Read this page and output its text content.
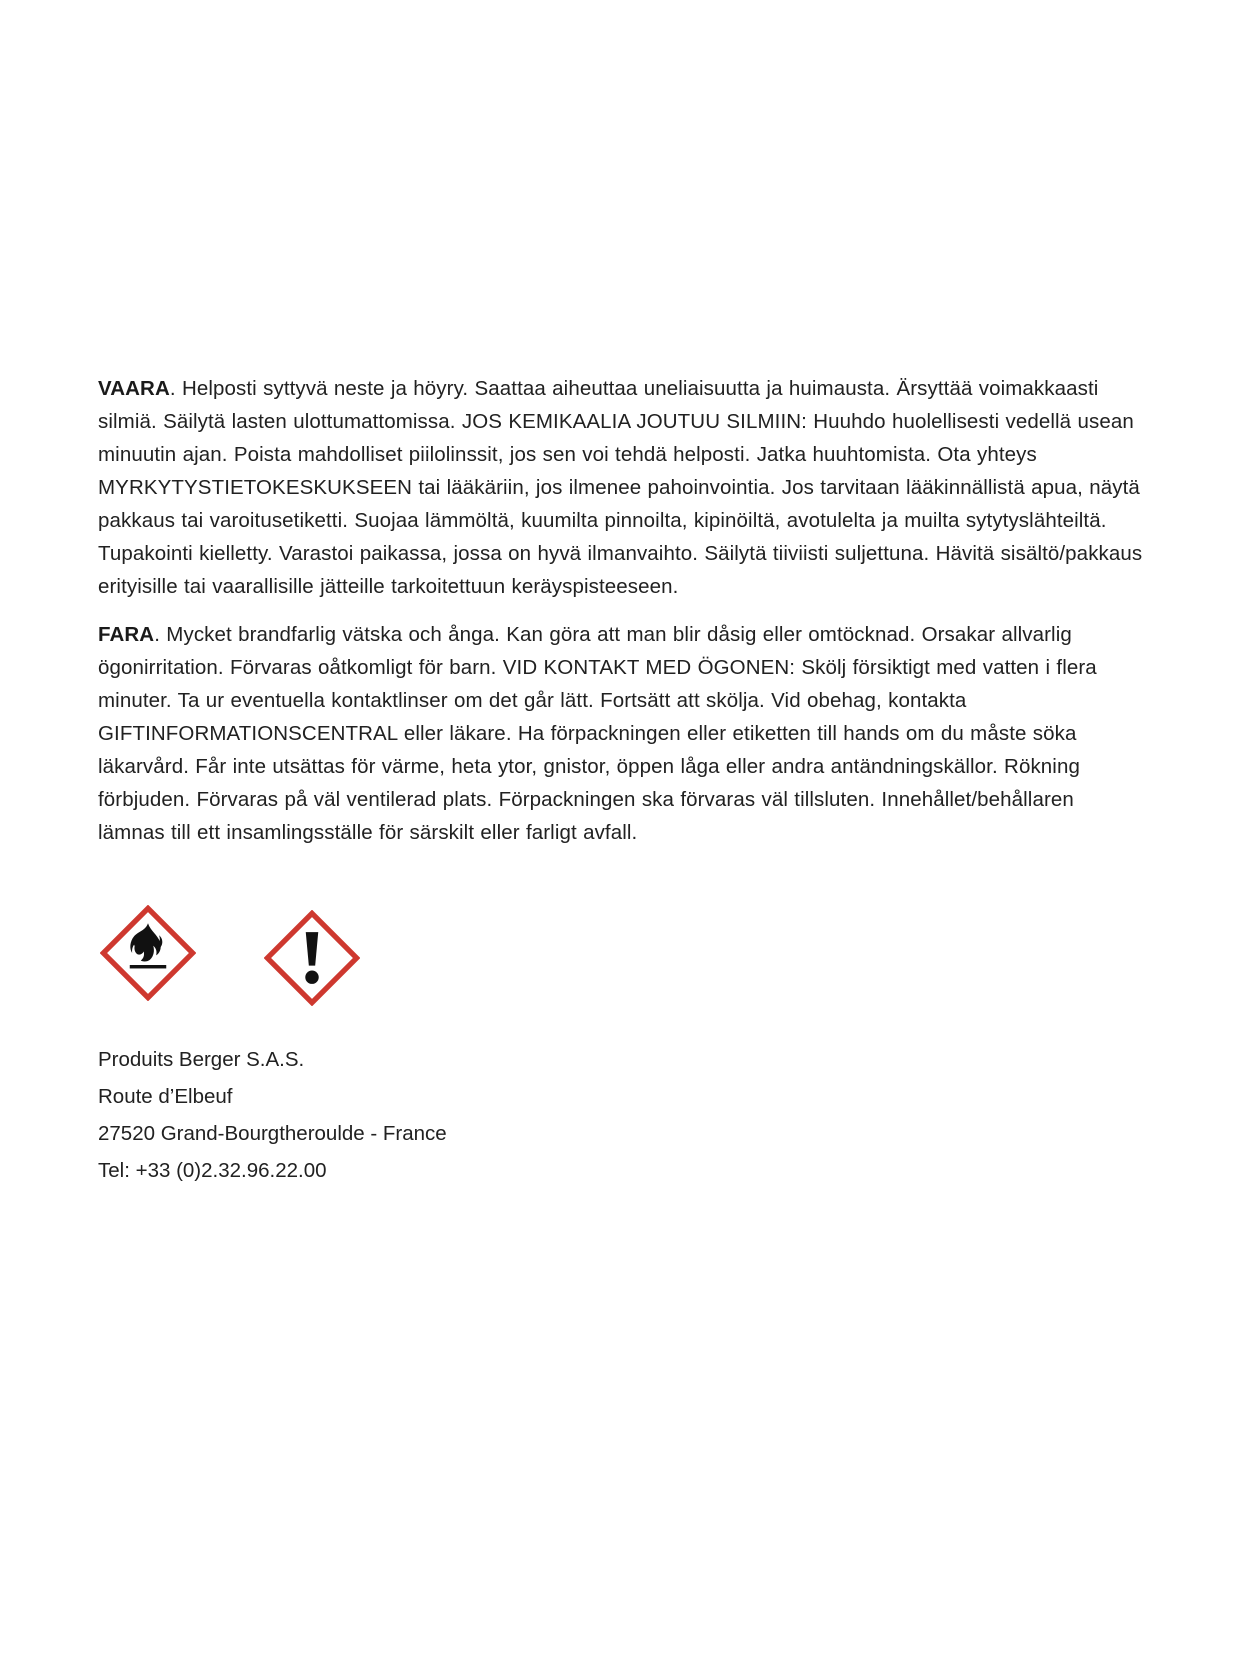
VAARA. Helposti syttyvä neste ja höyry. Saattaa aiheuttaa uneliaisuutta ja huimausta. Ärsyttää voimakkaasti silmiä. Säilytä lasten ulottumattomissa. JOS KEMIKAALIA JOUTUU SILMIIN: Huuhdo huolellisesti vedellä usean minuutin ajan. Poista mahdolliset piilolinssit, jos sen voi tehdä helposti. Jatka huuhtomista. Ota yhteys MYRKYTYSTIETOKESKUKSEEN tai lääkäriin, jos ilmenee pahoinvointia. Jos tarvitaan lääkinnällistä apua, näytä pakkaus tai varoitusetiketti. Suojaa lämmöltä, kuumilta pinnoilta, kipinöiltä, avotulelta ja muilta sytytyslähteiltä. Tupakointi kielletty. Varastoi paikassa, jossa on hyvä ilmanvaihto. Säilytä tiiviisti suljettuna. Hävitä sisältö/pakkaus erityisille tai vaarallisille jätteille tarkoitettuun keräyspisteeseen.

FARA. Mycket brandfarlig vätska och ånga. Kan göra att man blir dåsig eller omtöcknad. Orsakar allvarlig ögonirritation. Förvaras oåtkomligt för barn. VID KONTAKT MED ÖGONEN: Skölj försiktigt med vatten i flera minuter. Ta ur eventuella kontaktlinser om det går lätt. Fortsätt att skölja. Vid obehag, kontakta GIFTINFORMATIONSCENTRAL eller läkare. Ha förpackningen eller etiketten till hands om du måste söka läkarvård. Får inte utsättas för värme, heta ytor, gnistor, öppen låga eller andra antändningskällor. Rökning förbjuden. Förvaras på väl ventilerad plats. Förpackningen ska förvaras väl tillsluten. Innehållet/behållaren lämnas till ett insamlingsställe för särskilt eller farligt avfall.

Produits Berger S.A.S.
Route d’Elbeuf
27520 Grand-Bourgtheroulde - France
Tel: +33 (0)2.32.96.22.00
